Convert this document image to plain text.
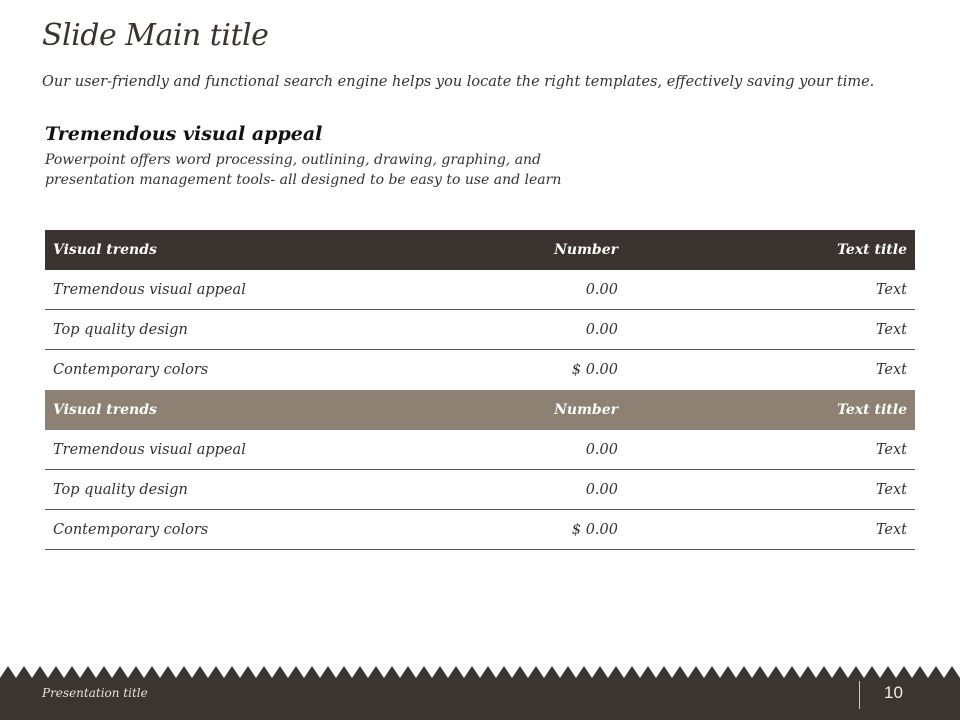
Slide Main title
Our user-friendly and functional search engine helps you locate the right templates, effectively saving your time.
Tremendous visual appeal
Powerpoint offers word processing, outlining, drawing, graphing, and
presentation management tools- all designed to be easy to use and learn
Visual trends	Number	Text title
Tremendous visual appeal	0.00	Text
Top quality design	0.00	Text
Contemporary colors	$ 0.00	Text
Visual trends	Number	Text title
Tremendous visual appeal	0.00	Text
Top quality design	0.00	Text
Contemporary colors	$ 0.00	Text
Presentation title	10
